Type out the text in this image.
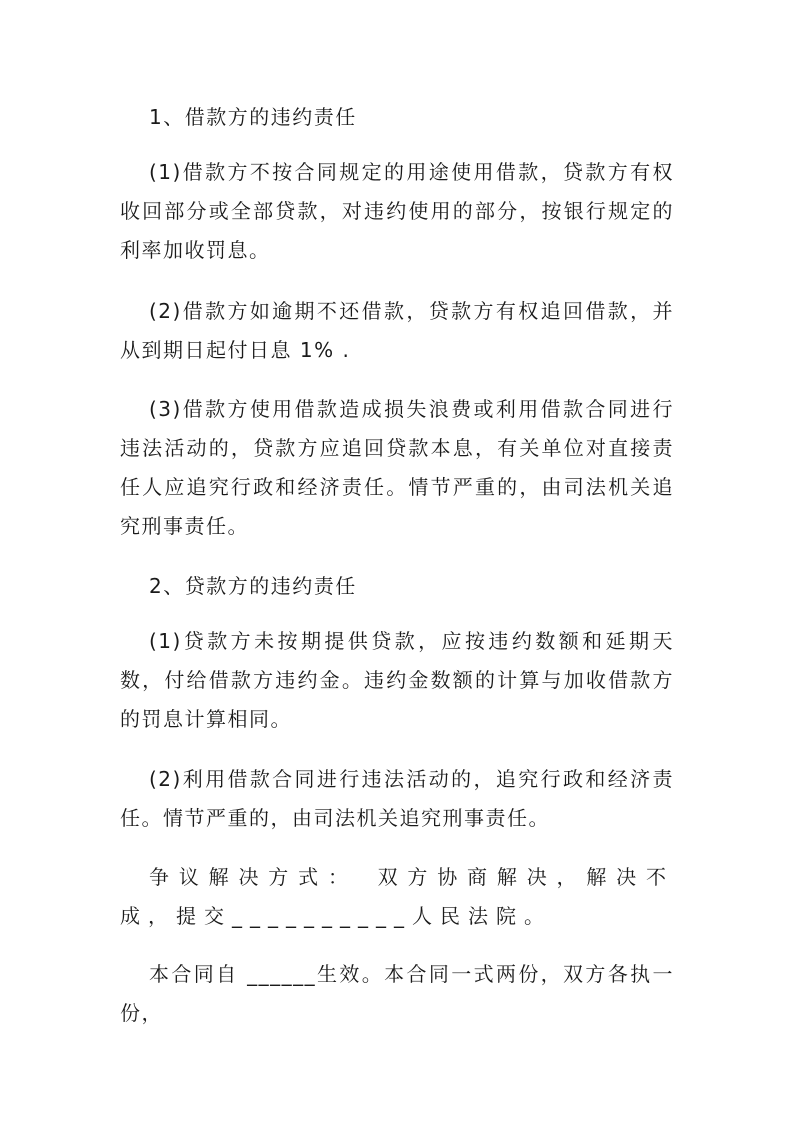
1、借款方的违约责任

(1)借款方不按合同规定的用途使用借款，贷款方有权收回部分或全部贷款，对违约使用的部分，按银行规定的利率加收罚息。

(2)借款方如逾期不还借款，贷款方有权追回借款，并从到期日起付日息 1% .

(3)借款方使用借款造成损失浪费或利用借款合同进行违法活动的，贷款方应追回贷款本息，有关单位对直接责任人应追究行政和经济责任。情节严重的，由司法机关追究刑事责任。

2、贷款方的违约责任

(1)贷款方未按期提供贷款，应按违约数额和延期天数，付给借款方违约金。违约金数额的计算与加收借款方的罚息计算相同。

(2)利用借款合同进行违法活动的，追究行政和经济责任。情节严重的，由司法机关追究刑事责任。

争议解决方式：　双方协商解决，解决不成，提交__________人民法院。

本合同自 ______生效。本合同一式两份，双方各执一份，
